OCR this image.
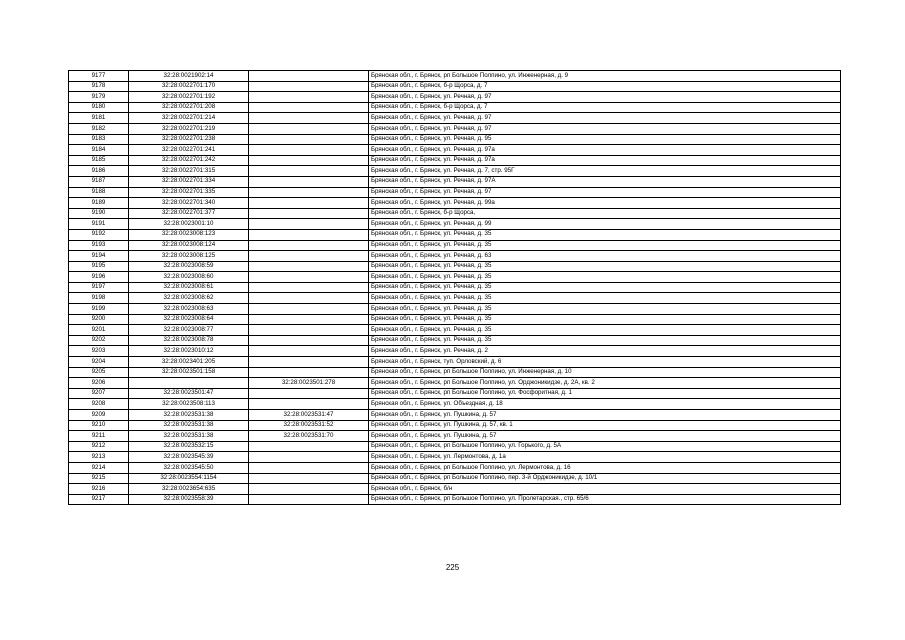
9177	32:28:0021902:14		Брянская обл., г. Брянск, рп Большое Полпино, ул. Инженерная, д. 9
9178	32:28:0022701:170		Брянская обл., г. Брянск, б-р Щорса, д. 7
9179	32:28:0022701:192		Брянская обл., г. Брянск, ул. Речная, д. 97
9180	32:28:0022701:208		Брянская обл., г. Брянск, б-р Щорса, д. 7
9181	32:28:0022701:214		Брянская обл., г. Брянск, ул. Речная, д. 97
9182	32:28:0022701:219		Брянская обл., г. Брянск, ул. Речная, д. 97
9183	32:28:0022701:238		Брянская обл., г. Брянск, ул. Речная, д. 95
9184	32:28:0022701:241		Брянская обл., г. Брянск, ул. Речная, д. 97а
9185	32:28:0022701:242		Брянская обл., г. Брянск, ул. Речная, д. 97а
9186	32:28:0022701:315		Брянская обл., г. Брянск, ул. Речная, д. 7, стр. 95Г
9187	32:28:0022701:334		Брянская обл., г. Брянск, ул. Речная, д. 97А
9188	32:28:0022701:335		Брянская обл., г. Брянск, ул. Речная, д. 97
9189	32:28:0022701:340		Брянская обл., г. Брянск, ул. Речная, д. 99а
9190	32:28:0022701:377		Брянская обл., г. Брянск, б-р Щорса,
9191	32:28:0023001:10		Брянская обл., г. Брянск, ул. Речная, д. 99
9192	32:28:0023008:123		Брянская обл., г. Брянск, ул. Речная, д. 35
9193	32:28:0023008:124		Брянская обл., г. Брянск, ул. Речная, д. 35
9194	32:28:0023008:125		Брянская обл., г. Брянск, ул. Речная, д. 63
9195	32:28:0023008:59		Брянская обл., г. Брянск, ул. Речная, д. 35
9196	32:28:0023008:60		Брянская обл., г. Брянск, ул. Речная, д. 35
9197	32:28:0023008:61		Брянская обл., г. Брянск, ул. Речная, д. 35
9198	32:28:0023008:62		Брянская обл., г. Брянск, ул. Речная, д. 35
9199	32:28:0023008:63		Брянская обл., г. Брянск, ул. Речная, д. 35
9200	32:28:0023008:64		Брянская обл., г. Брянск, ул. Речная, д. 35
9201	32:28:0023008:77		Брянская обл., г. Брянск, ул. Речная, д. 35
9202	32:28:0023008:78		Брянская обл., г. Брянск, ул. Речная, д. 35
9203	32:28:0023010:12		Брянская обл., г. Брянск, ул. Речная, д. 2
9204	32:28:0023401:205		Брянская обл., г. Брянск, туп. Орловский, д. 6
9205	32:28:0023501:158		Брянская обл., г. Брянск, рп Большое Полпино, ул. Инженерная, д. 10
9206		32:28:0023501:278	Брянская обл., г. Брянск, рп Большое Полпино, ул. Орджоникидзе, д. 2А, кв. 2
9207	32:28:0023501:47		Брянская обл., г. Брянск, рп Большое Полпино, ул. Фосфоритная, д. 1
9208	32:28:0023508:113		Брянская обл., г. Брянск, ул. Объездная, д. 18
9209	32:28:0023531:38	32:28:0023531:47	Брянская обл., г. Брянск, ул. Пушкина, д. 57
9210	32:28:0023531:38	32:28:0023531:52	Брянская обл., г. Брянск, ул. Пушкина, д. 57, кв. 1
9211	32:28:0023531:38	32:28:0023531:70	Брянская обл., г. Брянск, ул. Пушкина, д. 57
9212	32:28:0023532:15		Брянская обл., г. Брянск, рп Большое Полпино, ул. Горького, д. 5А
9213	32:28:0023545:39		Брянская обл., г. Брянск, ул. Лермонтова, д. 1а
9214	32:28:0023545:50		Брянская обл., г. Брянск, рп Большое Полпино, ул. Лермонтова, д. 16
9215	32:28:0023554:1154		Брянская обл., г. Брянск, рп Большое Полпино, пер. 3-й Орджоникидзе, д. 10/1
9216	32:28:0023654:635		Брянская обл., г. Брянск, б/н
9217	32:28:0023558:39		Брянская обл., г. Брянск, рп Большое Полпино, ул. Пролетарская., стр. 65/6
225
